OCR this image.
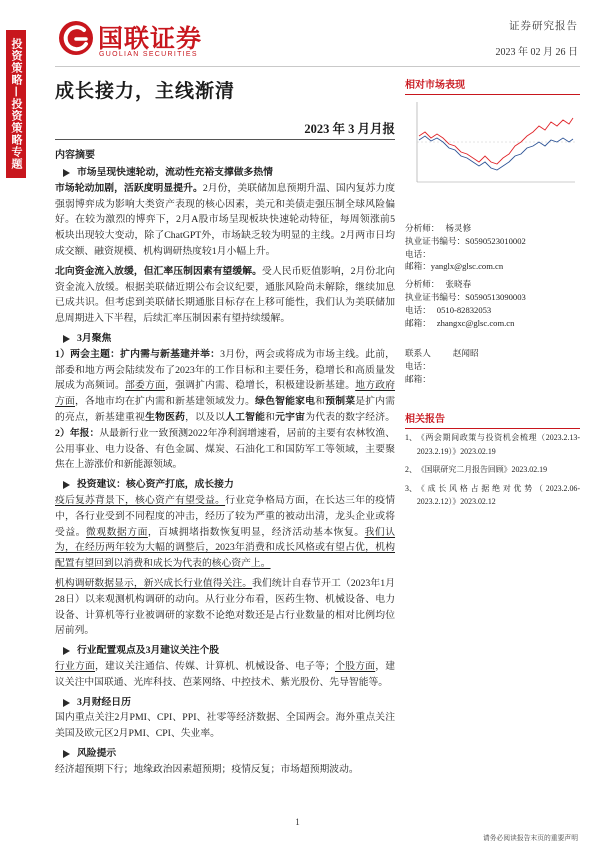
投资策略—投资策略专题	国联证券
GUOLIAN SECURITIES
证券研究报告
2023 年 02 月 26 日
成长接力，主线渐清
2023 年 3 月月报
内容摘要
市场呈现快速轮动，流动性充裕支撑做多热情

市场轮动加剧，活跃度明显提升。2月份，美联储加息预期升温、国内复苏力度强弱博弈成为影响大类资产表现的核心因素，美元和美债走强压制全球风险偏好。在较为激烈的博弈下，2月A股市场呈现板块快速轮动特征，每周领涨前5板块出现较大变动，除了ChatGPT外，市场缺乏较为明显的主线。2月两市日均成交额、融资规模、机构调研热度较1月小幅上升。

北向资金流入放缓，但汇率压制因素有望缓解。受人民币贬值影响，2月份北向资金流入放缓。根据美联储近期公布会议纪要，通胀风险尚未解除，继续加息已成共识。但考虑到美联储长期通胀目标存在上移可能性，我们认为美联储加息周期进入下半程，后续汇率压制因素有望持续缓解。

3月聚焦

1）两会主题：扩内需与新基建并举：3月份，两会或将成为市场主线。此前，部委和地方两会陆续发布了2023年的工作目标和主要任务，稳增长和高质量发展成为高频词。部委方面，强调扩内需、稳增长，积极建设新基建。地方政府方面，各地市均在扩内需和新基建领域发力。绿色智能家电和预制菜是扩内需的亮点，新基建重视生物医药，以及以人工智能和元宇宙为代表的数字经济。2）年报：从最新行业一致预测2022年净利润增速看，居前的主要有农林牧渔、公用事业、电力设备、有色金属、煤炭、石油化工和国防军工等领域，主要聚焦在上游涨价和新能源领域。

投资建议：核心资产打底，成长接力

疫后复苏背景下，核心资产有望受益。行业竞争格局方面，在长达三年的疫情中，各行业受到不同程度的冲击，经历了较为严重的被动出清，龙头企业或将受益。微观数据方面，百城拥堵指数恢复明显，经济活动基本恢复。我们认为，在经历两年较为大幅的调整后，2023年消费和成长风格或有望占优，机构配置有望回到以消费和成长为代表的核心资产上。

机构调研数据显示，新兴成长行业值得关注。我们统计自春节开工（2023年1月28日）以来观测机构调研的动向。从行业分布看，医药生物、机械设备、电力设备、计算机等行业被调研的家数不论绝对数还是占行业数量的相对比例均位居前列。

行业配置观点及3月建议关注个股

行业方面，建议关注通信、传媒、计算机、机械设备、电子等；个股方面，建议关注中国联通、光库科技、芭莱网络、中控技术、紫光股份、先导智能等。

3月财经日历

国内重点关注2月PMI、CPI、PPI、社零等经济数据、全国两会。海外重点关注美国及欧元区2月PMI、CPI、失业率。

风险提示

经济超预期下行；地缘政治因素超预期；疫情反复；市场超预期波动。

相对市场表现
分析师： 杨灵修
执业证书编号：S0590523010002
电话：
邮箱：yanglx@glsc.com.cn
分析师： 张晓春
执业证书编号：S0590513090003
电话： 0510-82832053
邮箱： zhangxc@glsc.com.cn
联系人	赵闻昭
电话：
邮箱：
相关报告
1、 《两会期间政策与投资机会梳理（2023.2.13-2023.2.19）》2023.02.19
2、 《国联研究二月报告回顾》2023.02.19
3、 《成长风格占据绝对优势（2023.2.06-2023.2.12）》2023.02.12
1
请务必阅读报告末页的重要声明
